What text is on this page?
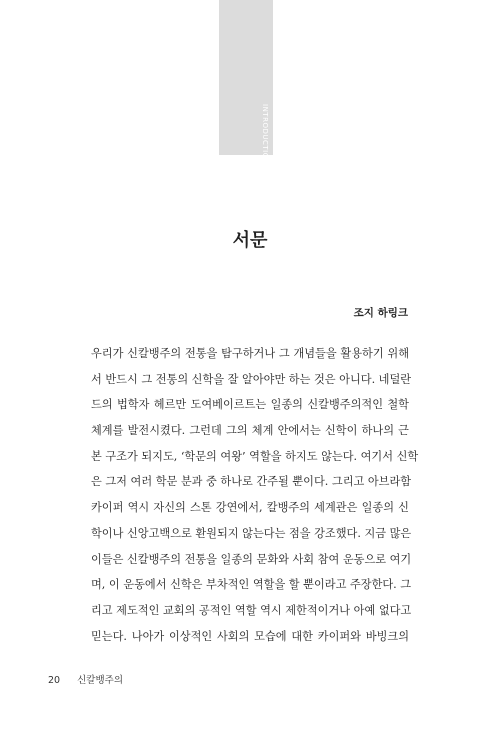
INTRODUCTION
서문
조지 하링크
우리가 신칼뱅주의 전통을 탐구하거나 그 개념들을 활용하기 위해
서 반드시 그 전통의 신학을 잘 알아야만 하는 것은 아니다. 네덜란
드의 법학자 헤르만 도여베이르트는 일종의 신칼뱅주의적인 철학
체계를 발전시켰다. 그런데 그의 체계 안에서는 신학이 하나의 근
본 구조가 되지도, ‘학문의 여왕’ 역할을 하지도 않는다. 여기서 신학
은 그저 여러 학문 분과 중 하나로 간주될 뿐이다. 그리고 아브라함
카이퍼 역시 자신의 스톤 강연에서, 칼뱅주의 세계관은 일종의 신
학이나 신앙고백으로 환원되지 않는다는 점을 강조했다. 지금 많은
이들은 신칼뱅주의 전통을 일종의 문화와 사회 참여 운동으로 여기
며, 이 운동에서 신학은 부차적인 역할을 할 뿐이라고 주장한다. 그
리고 제도적인 교회의 공적인 역할 역시 제한적이거나 아예 없다고
믿는다. 나아가 이상적인 사회의 모습에 대한 카이퍼와 바빙크의
20 신칼뱅주의
